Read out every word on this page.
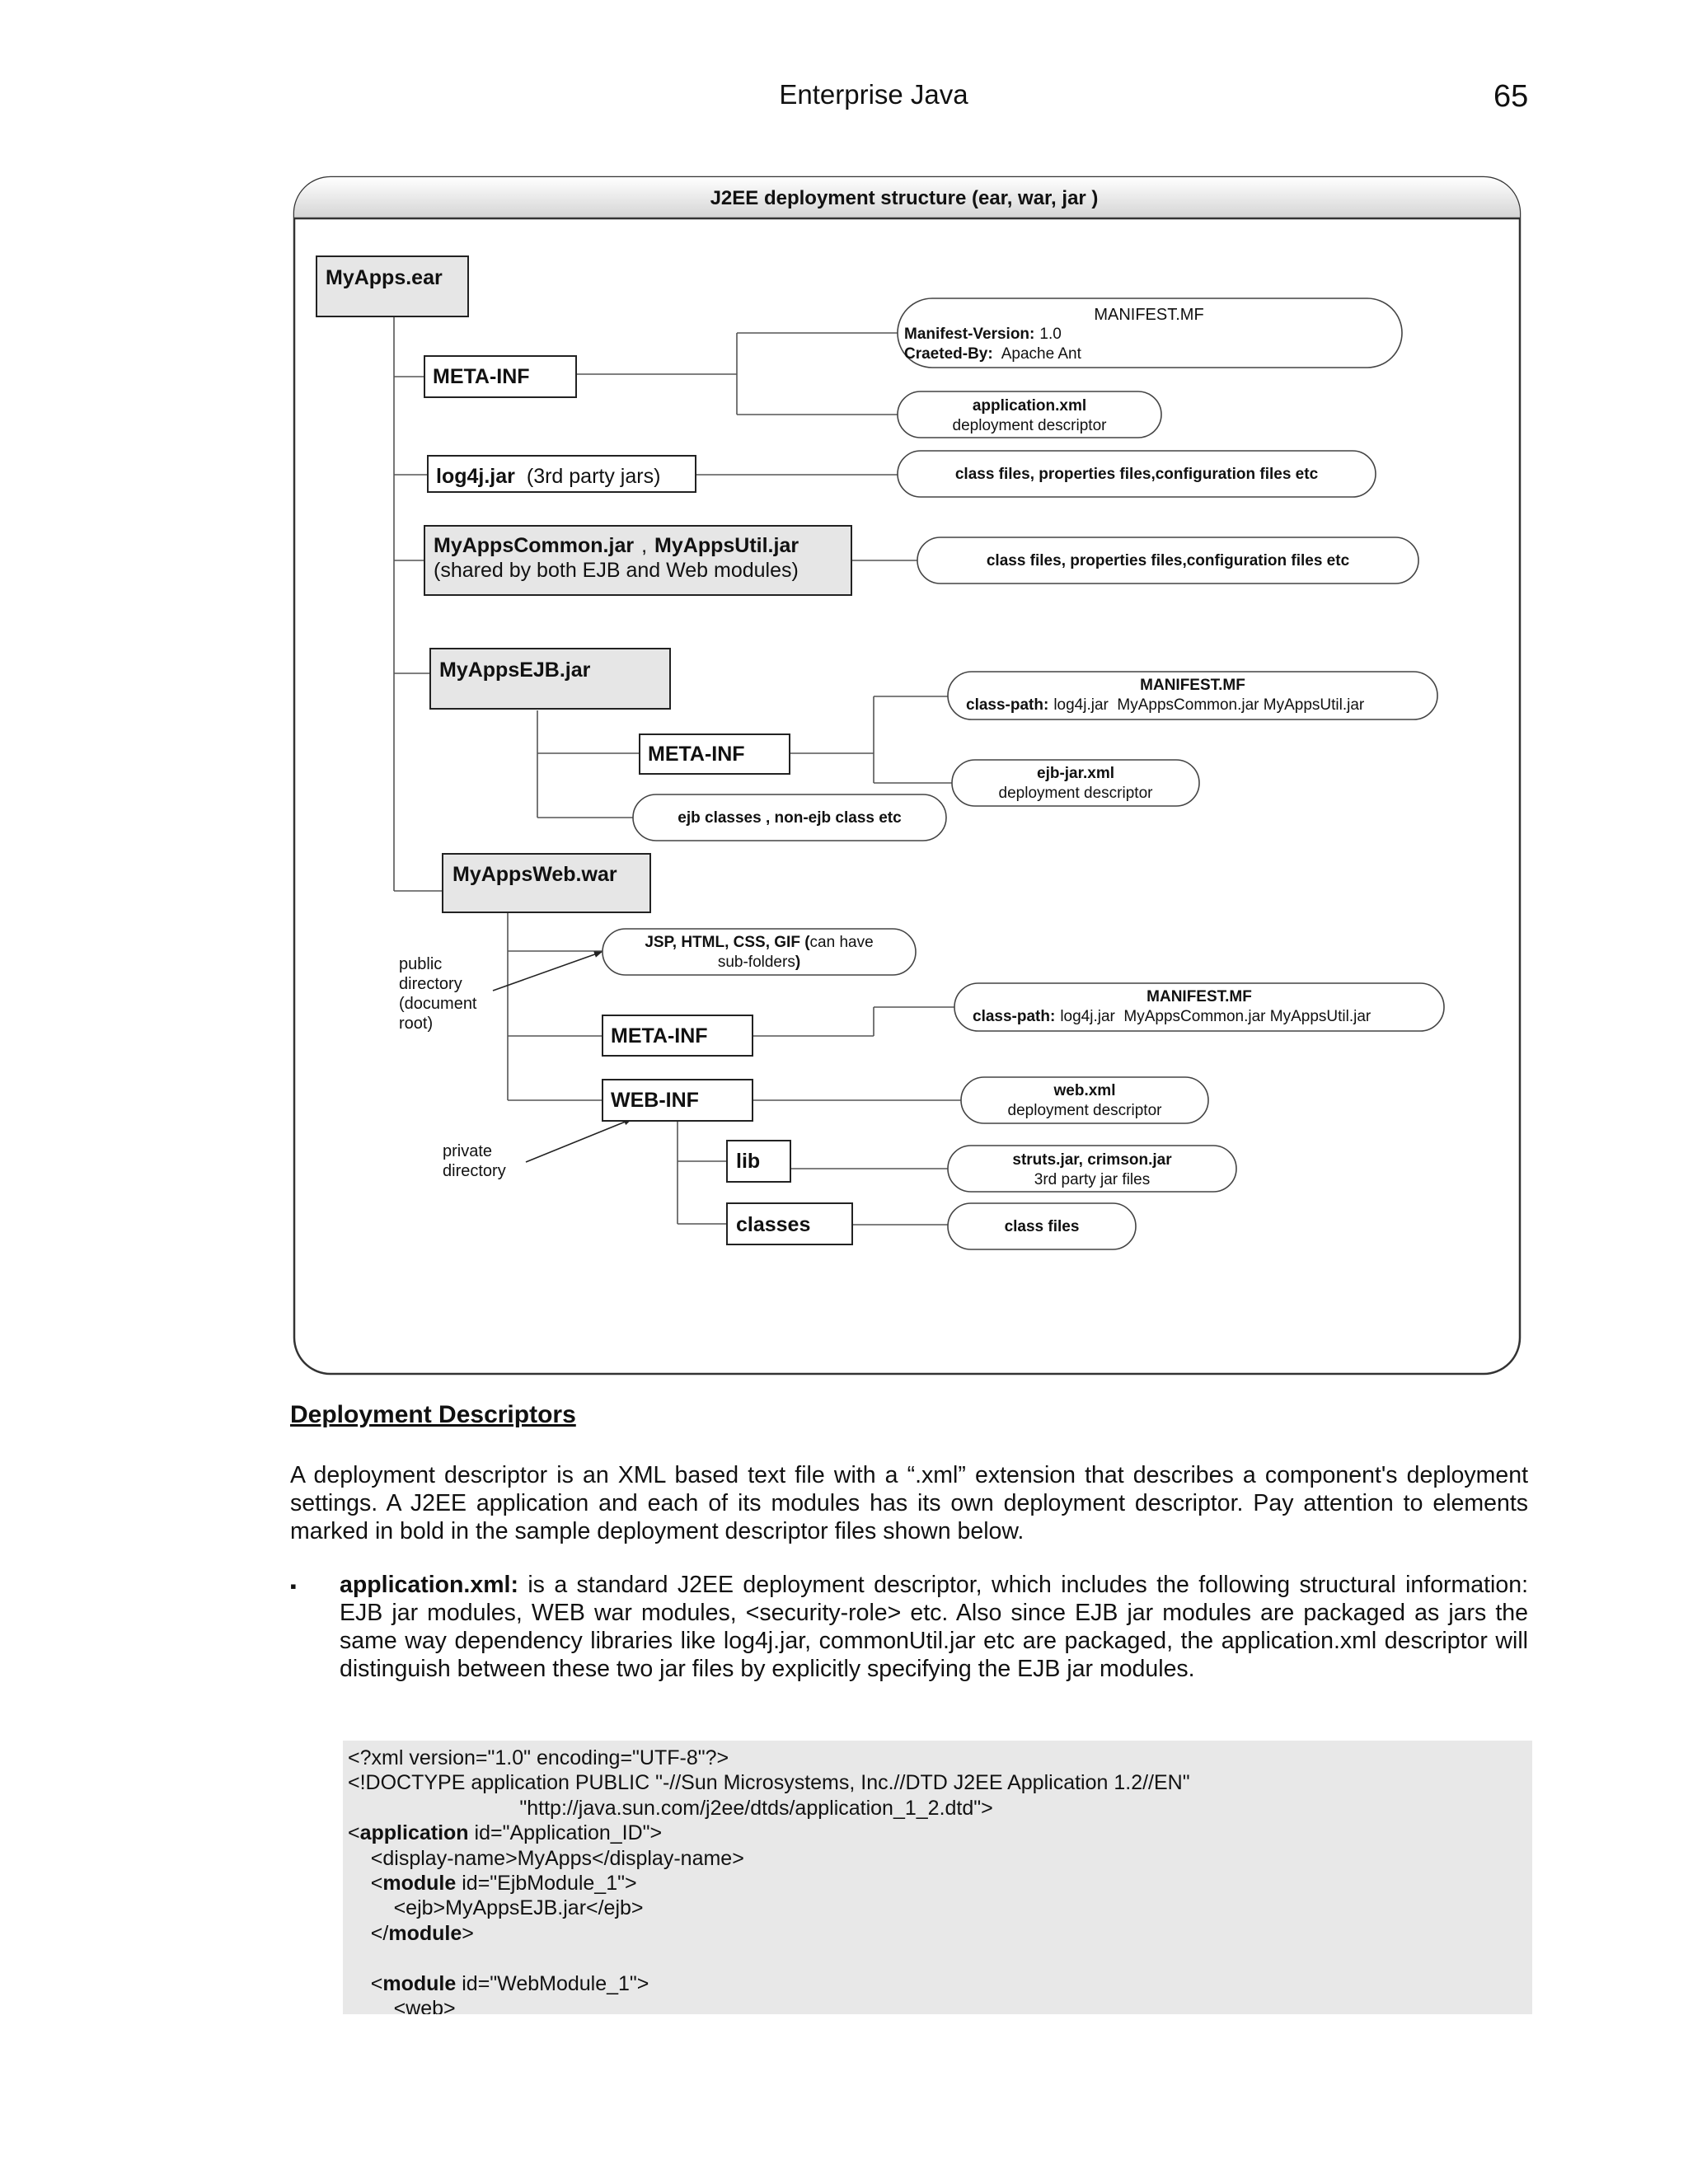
Enterprise Java	65
J2EE deployment structure (ear, war, jar )
MyApps.ear
META-INF
MANIFEST.MF
Manifest-Version: 1.0
Craeted-By: Apache Ant
application.xml
deployment descriptor
log4j.jar (3rd party jars)	class files, properties files,configuration files etc
MyAppsCommon.jar , MyAppsUtil.jar
(shared by both EJB and Web modules)	class files, properties files,configuration files etc
MyAppsEJB.jar
META-INF
MANIFEST.MF
class-path: log4j.jar  MyAppsCommon.jar MyAppsUtil.jar
ejb-jar.xml
deployment descriptor
ejb classes , non-ejb class etc
MyAppsWeb.war
JSP, HTML, CSS, GIF (can have
sub-folders)
public directory (document root)
META-INF
MANIFEST.MF
class-path: log4j.jar  MyAppsCommon.jar MyAppsUtil.jar
WEB-INF	web.xml
deployment descriptor
private directory	lib	struts.jar, crimson.jar
3rd party jar files
classes	class files
Deployment Descriptors
A deployment descriptor is an XML based text file with a “.xml” extension that describes a component's deployment settings. A J2EE application and each of its modules has its own deployment descriptor. Pay attention to elements marked in bold in the sample deployment descriptor files shown below.
▪ application.xml: is a standard J2EE deployment descriptor, which includes the following structural information: EJB jar modules, WEB war modules, <security-role> etc. Also since EJB jar modules are packaged as jars the same way dependency libraries like log4j.jar, commonUtil.jar etc are packaged, the application.xml descriptor will distinguish between these two jar files by explicitly specifying the EJB jar modules.
<?xml version="1.0" encoding="UTF-8"?>
<!DOCTYPE application PUBLIC "-//Sun Microsystems, Inc.//DTD J2EE Application 1.2//EN"
"http://java.sun.com/j2ee/dtds/application_1_2.dtd">
<application id="Application_ID">
<display-name>MyApps</display-name>
<module id="EjbModule_1">
<ejb>MyAppsEJB.jar</ejb>
</module>
<module id="WebModule_1">
<web>
